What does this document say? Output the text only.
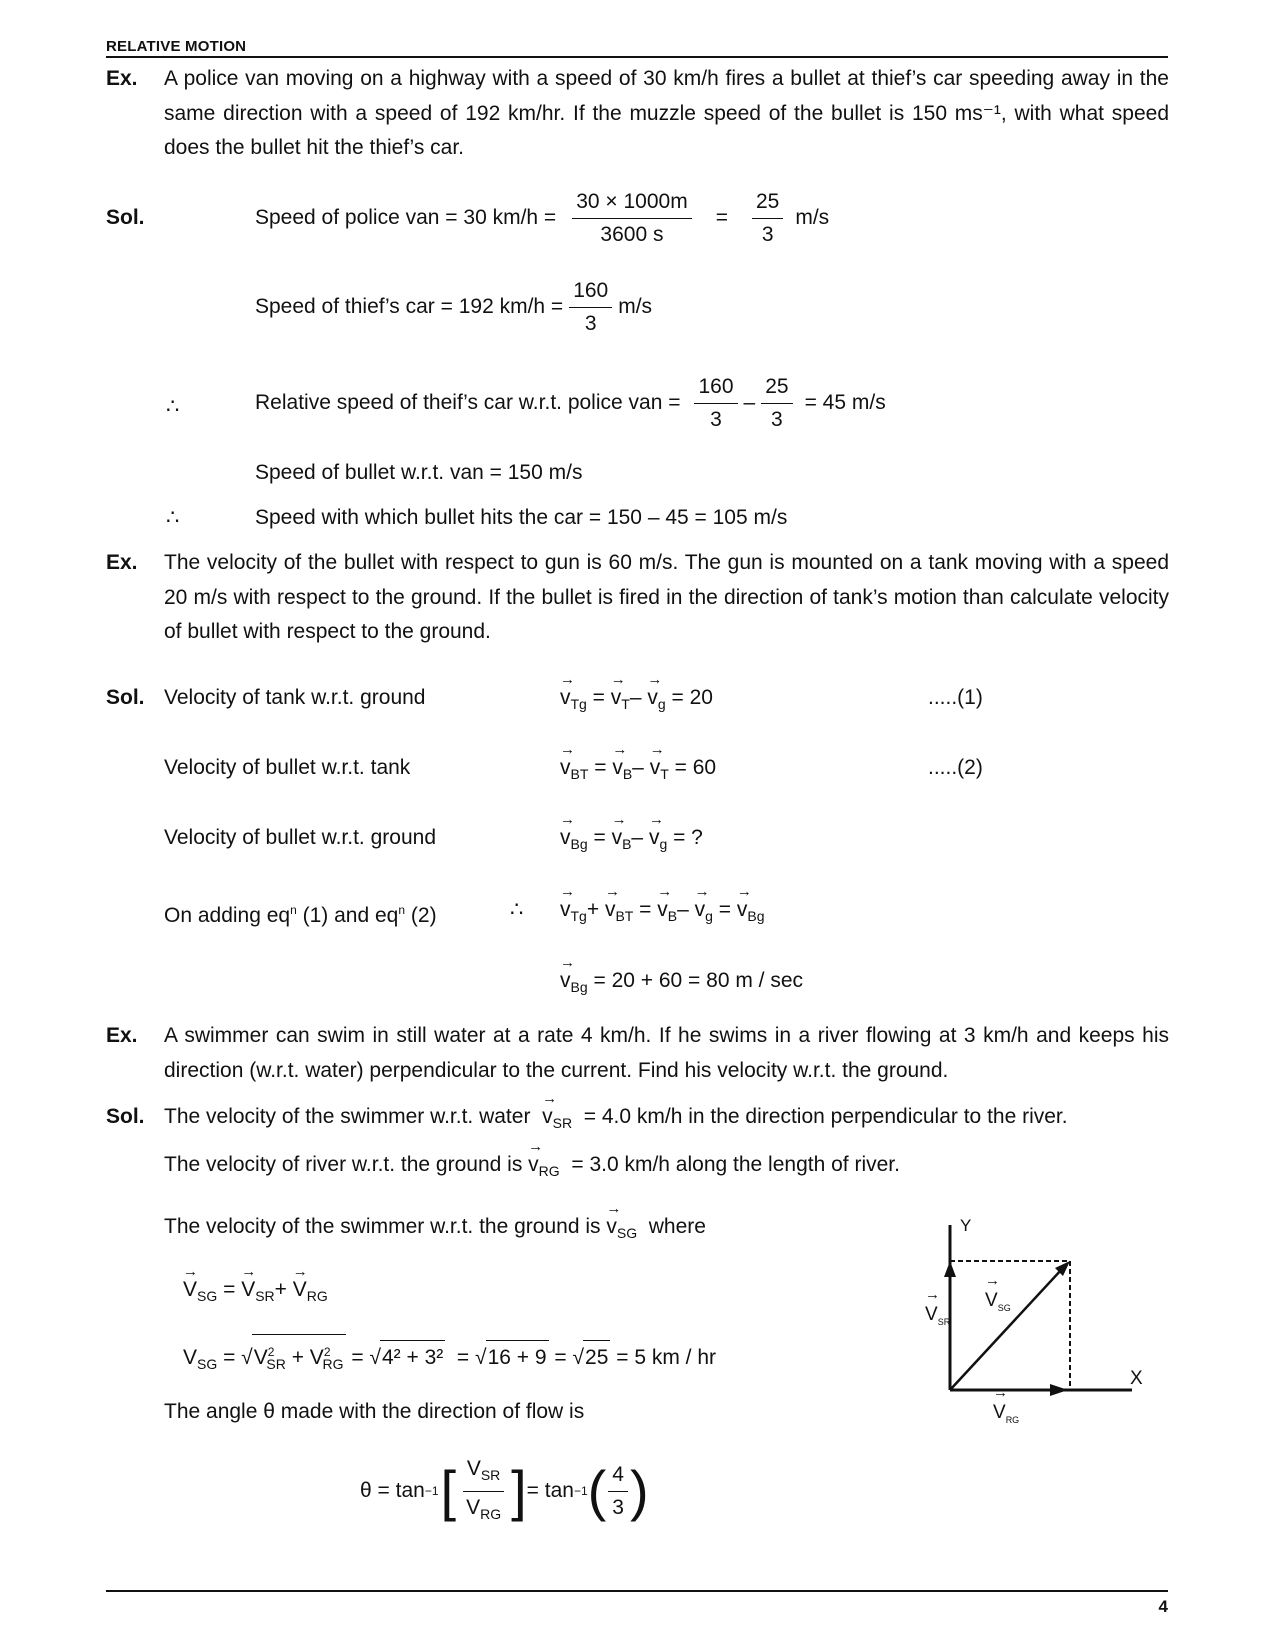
RELATIVE MOTION
Ex. A police van moving on a highway with a speed of 30 km/h fires a bullet at thief’s car speeding away in the same direction with a speed of 192 km/hr. If the muzzle speed of the bullet is 150 ms⁻¹, with what speed does the bullet hit the thief’s car.
Sol.	Speed of police van = 30 $km/h = \frac{30 \times 1000m}{3600 s} = \frac{25}{3} m/s$
Speed of thief’s car = 192 $km/h = \frac{160}{3} m/s$
∴	Relative speed of theif’s car w.r.t. police van = $\frac{160}{3} - \frac{25}{3} = 45$ m/s
Speed of bullet w.r.t. van = 150 m/s
∴	Speed with which bullet hits the car = 150 – 45 = 105 m/s
Ex. The velocity of the bullet with respect to gun is 60 m/s. The gun is mounted on a tank moving with a speed 20 m/s with respect to the ground. If the bullet is fired in the direction of tank’s motion than calculate velocity of bullet with respect to the ground.
Sol. Velocity of tank w.r.t. ground	→ $v_{Tg}$ = → $v_T- \to v_g = 20$	.....(1)
Velocity of bullet w.r.t. tank	→ $v_{BT}$ = → $v_B- \to v_T = 60$	.....(2)
Velocity of bullet w.r.t. ground	→ $v_{Bg}$ = → $v_B- \to v_g$ = ?
On adding $eq^n$ (1) and $eq^n$ (2)	∴ → $v_{Tg}+ \to v_{BT}$ = → $v_B- \to v_g$ = → $v_{Bg}$
→ $v_{Bg} = 20 + 60 = 80$ m / sec
Ex. A swimmer can swim in still water at a rate 4 km/h. If he swims in a river flowing at 3 km/h and keeps his direction (w.r.t. water) perpendicular to the current. Find his velocity w.r.t. the ground.
Sol. The velocity of the swimmer w.r.t. water → $v_{SR} = 4.0$ km/h in the direction perpendicular to the river.
The velocity of river w.r.t. the ground is → $v_{RG} = 3.0$ km/h along the length of river.
The velocity of the swimmer w.r.t. the ground is → $v_{SG}$ where
→ $V_{SG}$ = → $V_{SR}+ \to V_{RG}$
$V_{SG} = √V^2_{SR} + V^2_{RG} = √4^2 + 3^2 = √16 + 9 = √25 = 5$ km / hr
The angle θ made with the direction of flow is
θ = tan −1 [ $\frac{V_{SR}}{V_{RG}}$ ] = tan −1 ( $\frac{4}{3}$ )
Y
X
→ $V_{SR}$
→ $V_{SG}$
→ $V_{RG}$
4
